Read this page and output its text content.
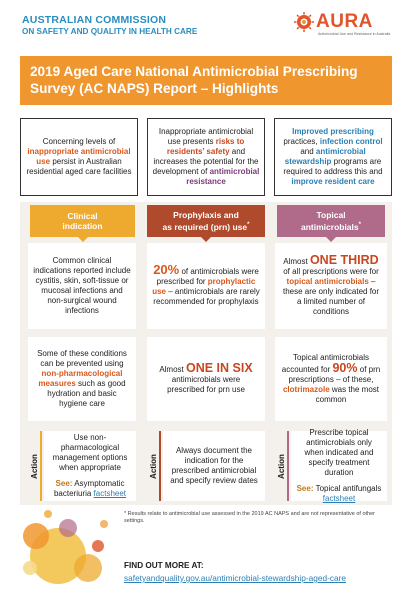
AUSTRALIAN COMMISSION
ON SAFETY AND QUALITY IN HEALTH CARE	AURA
Antimicrobial Use and Resistance in Australia
2019 Aged Care National Antimicrobial Prescribing
Survey (AC NAPS) Report – Highlights
Concerning levels of inappropriate antimicrobial use persist in Australian residential aged care facilities
Inappropriate antimicrobial use presents risks to residents’ safety and increases the potential for the development of antimicrobial resistance
Improved prescribing practices, infection control and antimicrobial stewardship programs are required to address this and improve resident care
Clinical
indication
Prophylaxis and
as required (prn) use*
Topical
antimicrobials*
Common clinical indications reported include cystitis, skin, soft-tissue or mucosal infections and non-surgical wound infections
20% of antimicrobials were prescribed for prophylactic use – antimicrobials are rarely recommended for prophylaxis
Almost ONE THIRD of all prescriptions were for topical antimicrobials – these are only indicated for a limited number of conditions
Some of these conditions can be prevented using non-pharmacological measures such as good hydration and basic hygiene care
Almost ONE IN SIX antimicrobials were prescribed for prn use
Topical antimicrobials accounted for 90% of prn prescriptions – of these, clotrimazole was the most common
Action
Use non-pharmacological management options when appropriate
See: Asymptomatic bacteriuria factsheet
Action
Always document the indication for the prescribed antimicrobial and specify review dates
Action
Prescribe topical antimicrobials only when indicated and specify treatment duration
See: Topical antifungals factsheet
* Results relate to antimicrobial use assessed in the 2019 AC NAPS and are not representative of other settings.
FIND OUT MORE AT:
safetyandquality.gov.au/antimicrobial-stewardship-aged-care
